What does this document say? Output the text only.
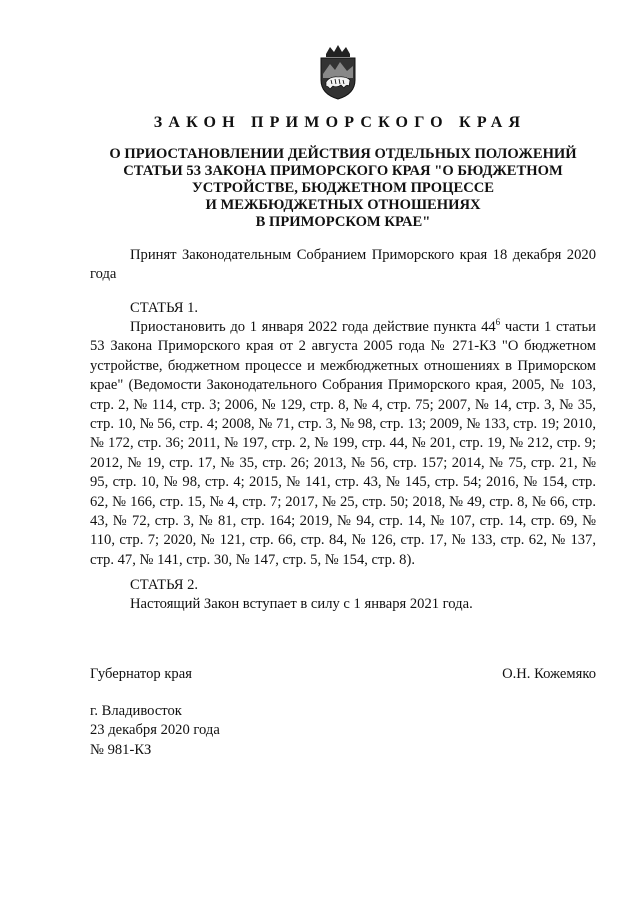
ЗАКОН ПРИМОРСКОГО КРАЯ
О ПРИОСТАНОВЛЕНИИ ДЕЙСТВИЯ ОТДЕЛЬНЫХ ПОЛОЖЕНИЙ
СТАТЬИ 53 ЗАКОНА ПРИМОРСКОГО КРАЯ "О БЮДЖЕТНОМ
УСТРОЙСТВЕ, БЮДЖЕТНОМ ПРОЦЕССЕ
И МЕЖБЮДЖЕТНЫХ ОТНОШЕНИЯХ
В ПРИМОРСКОМ КРАЕ"
Принят Законодательным Собранием Приморского края 18 декабря 2020 года
СТАТЬЯ 1.
Приостановить до 1 января 2022 года действие пункта $44^6$ части 1 статьи 53 Закона Приморского края от 2 августа 2005 года № 271-КЗ "О бюджетном устройстве, бюджетном процессе и межбюджетных отношениях в Приморском крае" (Ведомости Законодательного Собрания Приморского края, 2005, № 103, стр. 2, № 114, стр. 3; 2006, № 129, стр. 8, № 4, стр. 75; 2007, № 14, стр. 3, № 35, стр. 10, № 56, стр. 4; 2008, № 71, стр. 3, № 98, стр. 13; 2009, № 133, стр. 19; 2010, № 172, стр. 36; 2011, № 197, стр. 2, № 199, стр. 44, № 201, стр. 19, № 212, стр. 9; 2012, № 19, стр. 17, № 35, стр. 26; 2013, № 56, стр. 157; 2014, № 75, стр. 21, № 95, стр. 10, № 98, стр. 4; 2015, № 141, стр. 43, № 145, стр. 54; 2016, № 154, стр. 62, № 166, стр. 15, № 4, стр. 7; 2017, № 25, стр. 50; 2018, № 49, стр. 8, № 66, стр. 43, № 72, стр. 3, № 81, стр. 164; 2019, № 94, стр. 14, № 107, стр. 14, стр. 69, № 110, стр. 7; 2020, № 121, стр. 66, стр. 84, № 126, стр. 17, № 133, стр. 62, № 137, стр. 47, № 141, стр. 30, № 147, стр. 5, № 154, стр. 8).
СТАТЬЯ 2.
Настоящий Закон вступает в силу с 1 января 2021 года.
Губернатор края	О.Н. Кожемяко
г. Владивосток
23 декабря 2020 года
№ 981-КЗ
